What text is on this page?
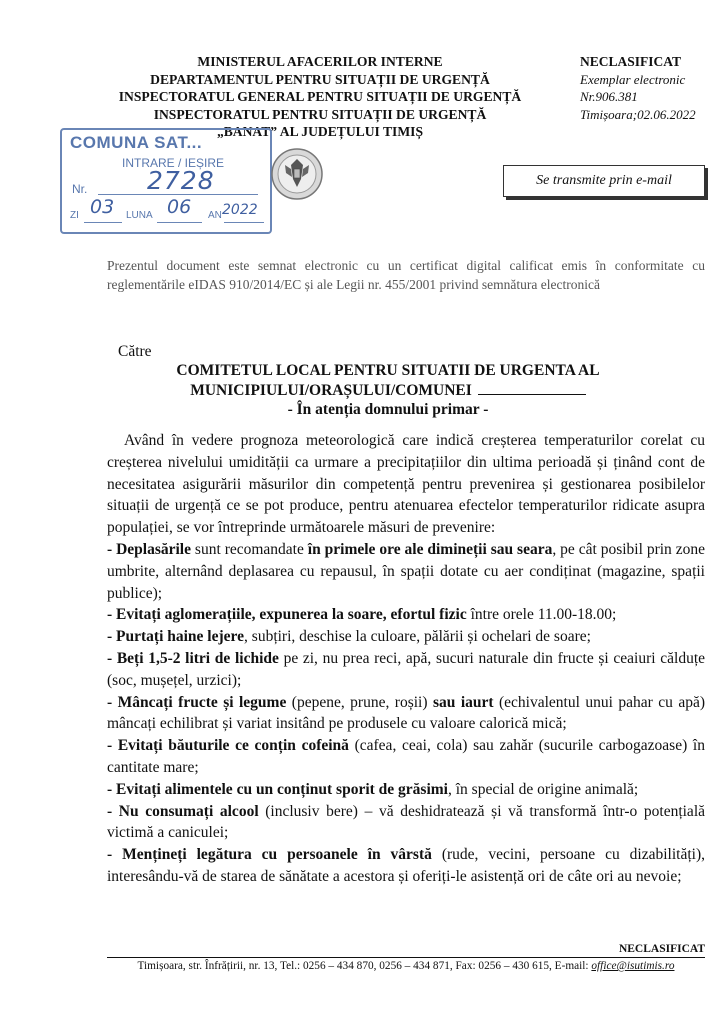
MINISTERUL AFACERILOR INTERNE
DEPARTAMENTUL PENTRU SITUAȚII DE URGENȚĂ
INSPECTORATUL GENERAL PENTRU SITUAȚII DE URGENȚĂ
INSPECTORATUL PENTRU SITUAȚII DE URGENȚĂ
„BANAT” AL JUDEȚULUI TIMIȘ
NECLASIFICAT
Exemplar electronic
Nr.906.381
Timișoara;02.06.2022
COMUNA SAT...
INTRARE / IEȘIRE
Nr. 2728
ZI 03 LUNA 06 AN 2022
Se transmite prin e-mail
Prezentul document este semnat electronic cu un certificat digital calificat emis în conformitate cu reglementările eIDAS 910/2014/EC și ale Legii nr. 455/2001 privind semnătura electronică
Către
COMITETUL LOCAL PENTRU SITUATII DE URGENTA AL
MUNICIPIULUI/ORAȘULUI/COMUNEI
- În atenția domnului primar -

Având în vedere prognoza meteorologică care indică creșterea temperaturilor corelat cu creșterea nivelului umidității ca urmare a precipitațiilor din ultima perioadă și ținând cont de necesitatea asigurării măsurilor din competență pentru prevenirea și gestionarea posibilelor situații de urgență ce se pot produce, pentru atenuarea efectelor temperaturilor ridicate asupra populației, se vor întreprinde următoarele măsuri de prevenire:

- Deplasările sunt recomandate în primele ore ale dimineții sau seara, pe cât posibil prin zone umbrite, alternând deplasarea cu repausul, în spații dotate cu aer condiținat (magazine, spații publice);

- Evitați aglomerațiile, expunerea la soare, efortul fizic între orele 11.00-18.00;

- Purtați haine lejere, subțiri, deschise la culoare, pălării și ochelari de soare;

- Beți 1,5-2 litri de lichide pe zi, nu prea reci, apă, sucuri naturale din fructe și ceaiuri călduțe (soc, mușețel, urzici);

- Mâncați fructe și legume (pepene, prune, roșii) sau iaurt (echivalentul unui pahar cu apă) mâncați echilibrat și variat insitând pe produsele cu valoare calorică mică;

- Evitați băuturile ce conțin cofeină (cafea, ceai, cola) sau zahăr (sucurile carbogazoase) în cantitate mare;

- Evitați alimentele cu un conținut sporit de grăsimi, în special de origine animală;

- Nu consumați alcool (inclusiv bere) – vă deshidratează și vă transformă într-o potențială victimă a caniculei;

- Mențineți legătura cu persoanele în vârstă (rude, vecini, persoane cu dizabilități), interesându-vă de starea de sănătate a acestora și oferiți-le asistență ori de câte ori au nevoie;

NECLASIFICAT
Timișoara, str. Înfrățirii, nr. 13, Tel.: 0256 – 434 870, 0256 – 434 871, Fax: 0256 – 430 615, E-mail: office@isutimis.ro
